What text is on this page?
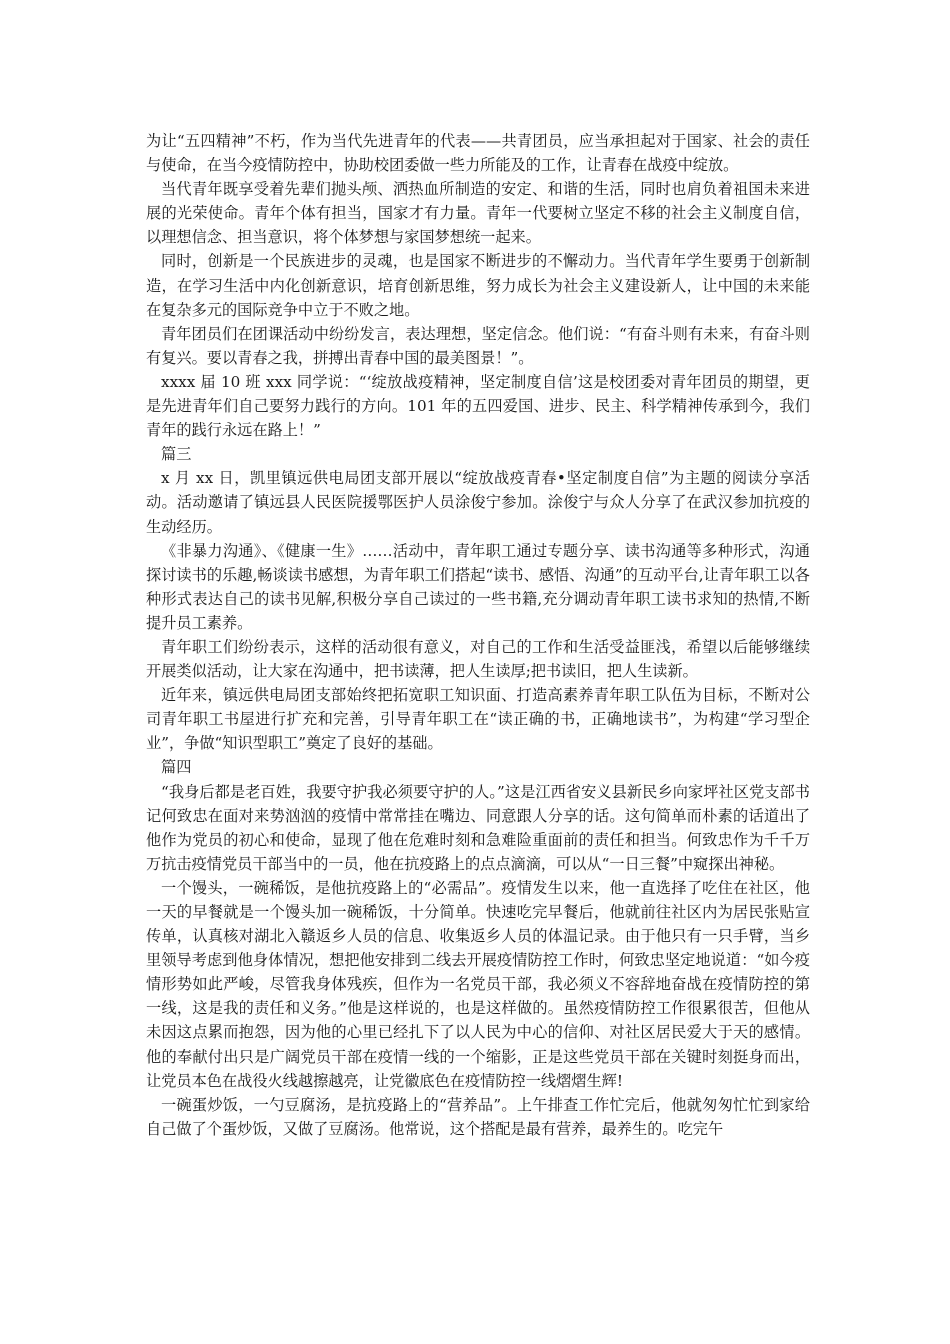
为让“五四精神”不朽，作为当代先进青年的代表——共青团员，应当承担起对于国家、社会的责任与使命，在当今疫情防控中，协助校团委做一些力所能及的工作，让青春在战疫中绽放。

当代青年既享受着先辈们抛头颅、洒热血所制造的安定、和谐的生活，同时也肩负着祖国未来进展的光荣使命。青年个体有担当，国家才有力量。青年一代要树立坚定不移的社会主义制度自信，以理想信念、担当意识，将个体梦想与家国梦想统一起来。

同时，创新是一个民族进步的灵魂，也是国家不断进步的不懈动力。当代青年学生要勇于创新制造，在学习生活中内化创新意识，培育创新思维，努力成长为社会主义建设新人，让中国的未来能在复杂多元的国际竞争中立于不败之地。

青年团员们在团课活动中纷纷发言，表达理想，坚定信念。他们说：“有奋斗则有未来，有奋斗则有复兴。要以青春之我，拼搏出青春中国的最美图景！”。

xxxx 届 10 班 xxx 同学说：“‘绽放战疫精神，坚定制度自信’这是校团委对青年团员的期望，更是先进青年们自己要努力践行的方向。101 年的五四爱国、进步、民主、科学精神传承到今，我们青年的践行永远在路上！”

篇三

x 月 xx 日，凯里镇远供电局团支部开展以“绽放战疫青春•坚定制度自信”为主题的阅读分享活动。活动邀请了镇远县人民医院援鄂医护人员涂俊宁参加。涂俊宁与众人分享了在武汉参加抗疫的生动经历。

《非暴力沟通》、《健康一生》……活动中，青年职工通过专题分享、读书沟通等多种形式，沟通探讨读书的乐趣,畅谈读书感想，为青年职工们搭起“读书、感悟、沟通”的互动平台,让青年职工以各种形式表达自己的读书见解,积极分享自己读过的一些书籍,充分调动青年职工读书求知的热情,不断提升员工素养。

青年职工们纷纷表示，这样的活动很有意义，对自己的工作和生活受益匪浅，希望以后能够继续开展类似活动，让大家在沟通中，把书读薄，把人生读厚;把书读旧，把人生读新。

近年来，镇远供电局团支部始终把拓宽职工知识面、打造高素养青年职工队伍为目标，不断对公司青年职工书屋进行扩充和完善，引导青年职工在“读正确的书，正确地读书”，为构建“学习型企业”，争做“知识型职工”奠定了良好的基础。

篇四

“我身后都是老百姓，我要守护我必须要守护的人。”这是江西省安义县新民乡向家坪社区党支部书记何致忠在面对来势汹汹的疫情中常常挂在嘴边、同意跟人分享的话。这句简单而朴素的话道出了他作为党员的初心和使命，显现了他在危难时刻和急难险重面前的责任和担当。何致忠作为千千万万抗击疫情党员干部当中的一员，他在抗疫路上的点点滴滴，可以从“一日三餐”中窥探出神秘。

一个馒头，一碗稀饭，是他抗疫路上的“必需品”。疫情发生以来，他一直选择了吃住在社区，他一天的早餐就是一个馒头加一碗稀饭，十分简单。快速吃完早餐后，他就前往社区内为居民张贴宣传单，认真核对湖北入赣返乡人员的信息、收集返乡人员的体温记录。由于他只有一只手臂，当乡里领导考虑到他身体情况，想把他安排到二线去开展疫情防控工作时，何致忠坚定地说道：“如今疫情形势如此严峻，尽管我身体残疾，但作为一名党员干部，我必须义不容辞地奋战在疫情防控的第一线，这是我的责任和义务。”他是这样说的，也是这样做的。虽然疫情防控工作很累很苦，但他从未因这点累而抱怨，因为他的心里已经扎下了以人民为中心的信仰、对社区居民爱大于天的感情。他的奉献付出只是广阔党员干部在疫情一线的一个缩影，正是这些党员干部在关键时刻挺身而出，让党员本色在战役火线越擦越亮，让党徽底色在疫情防控一线熠熠生辉!

一碗蛋炒饭，一勺豆腐汤，是抗疫路上的“营养品”。上午排查工作忙完后，他就匆匆忙忙到家给自己做了个蛋炒饭，又做了豆腐汤。他常说，这个搭配是最有营养，最养生的。吃完午
